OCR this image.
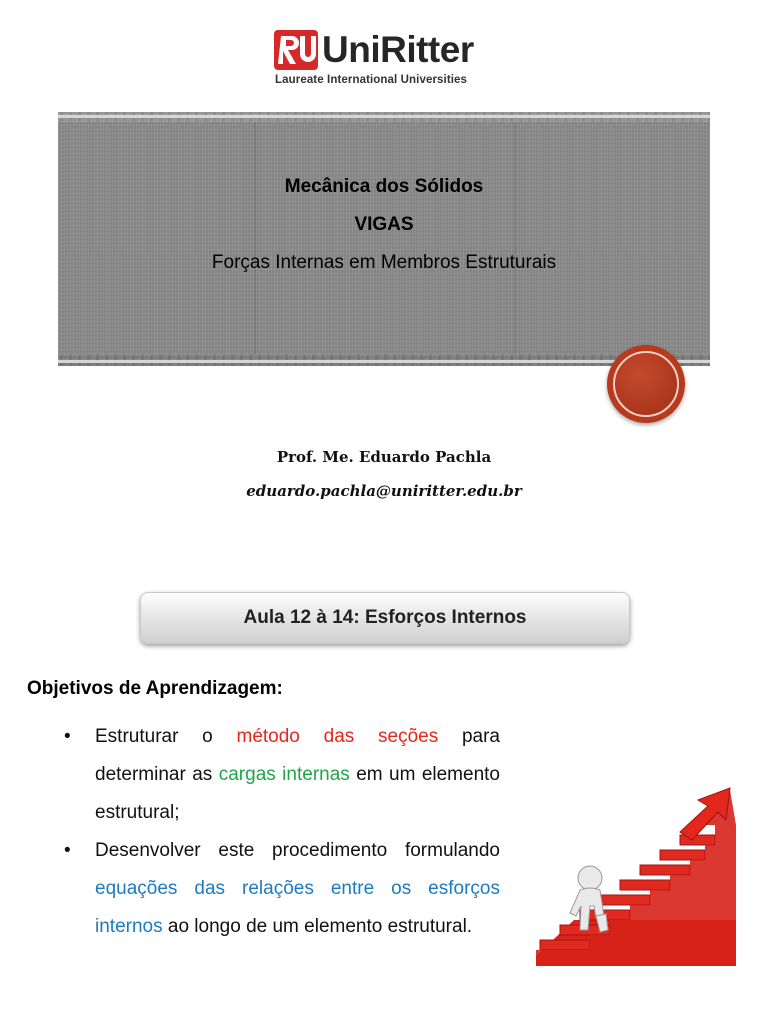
UniRitter
Laureate International Universities
Mecânica dos Sólidos
VIGAS
Forças Internas em Membros Estruturais
Prof. Me. Eduardo Pachla
eduardo.pachla@uniritter.edu.br
Aula 12 à 14: Esforços Internos
Objetivos de Aprendizagem:
• Estruturar o método das seções para determinar as cargas internas em um elemento estrutural;
• Desenvolver este procedimento formulando equações das relações entre os esforços internos ao longo de um elemento estrutural.
